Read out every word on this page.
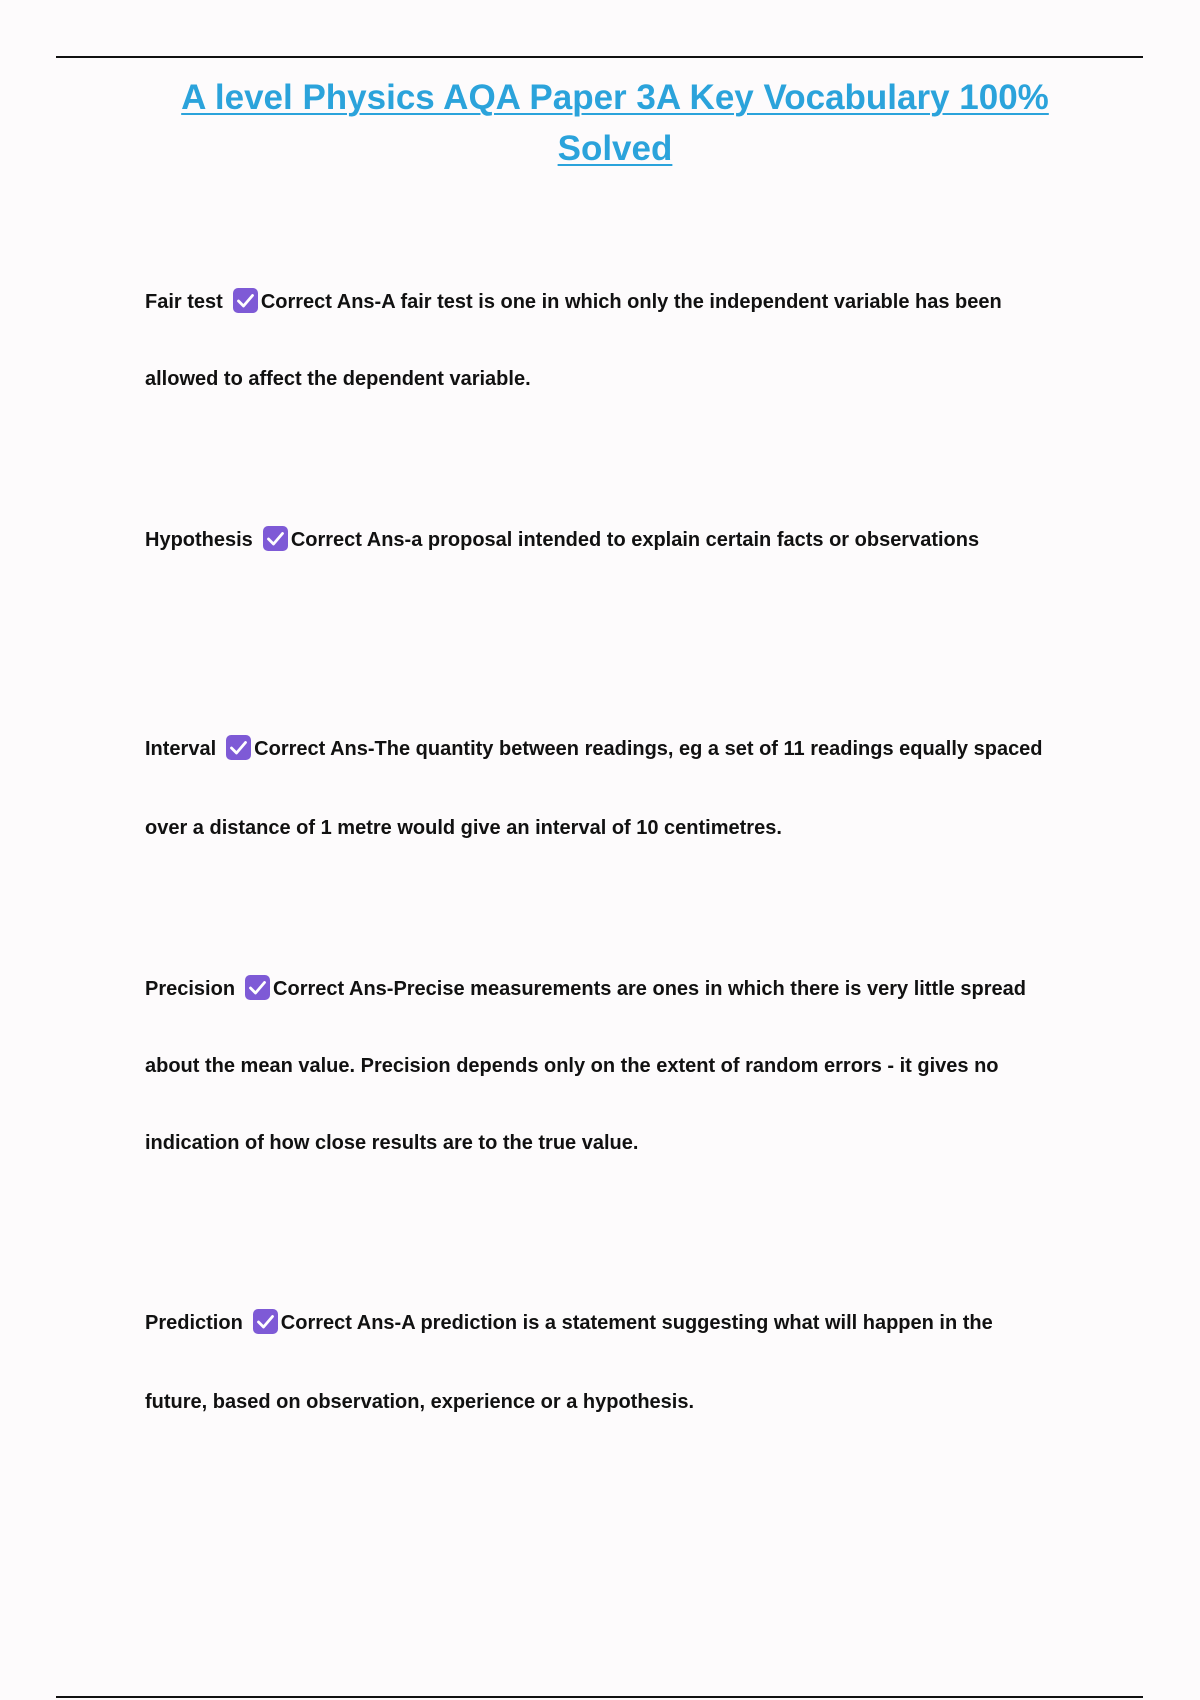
A level Physics AQA Paper 3A Key Vocabulary 100%
Solved
Fair test Correct Ans-A fair test is one in which only the independent variable has been
allowed to affect the dependent variable.
Hypothesis Correct Ans-a proposal intended to explain certain facts or observations
Interval Correct Ans-The quantity between readings, eg a set of 11 readings equally spaced
over a distance of 1 metre would give an interval of 10 centimetres.
Precision Correct Ans-Precise measurements are ones in which there is very little spread
about the mean value. Precision depends only on the extent of random errors - it gives no
indication of how close results are to the true value.
Prediction Correct Ans-A prediction is a statement suggesting what will happen in the
future, based on observation, experience or a hypothesis.
